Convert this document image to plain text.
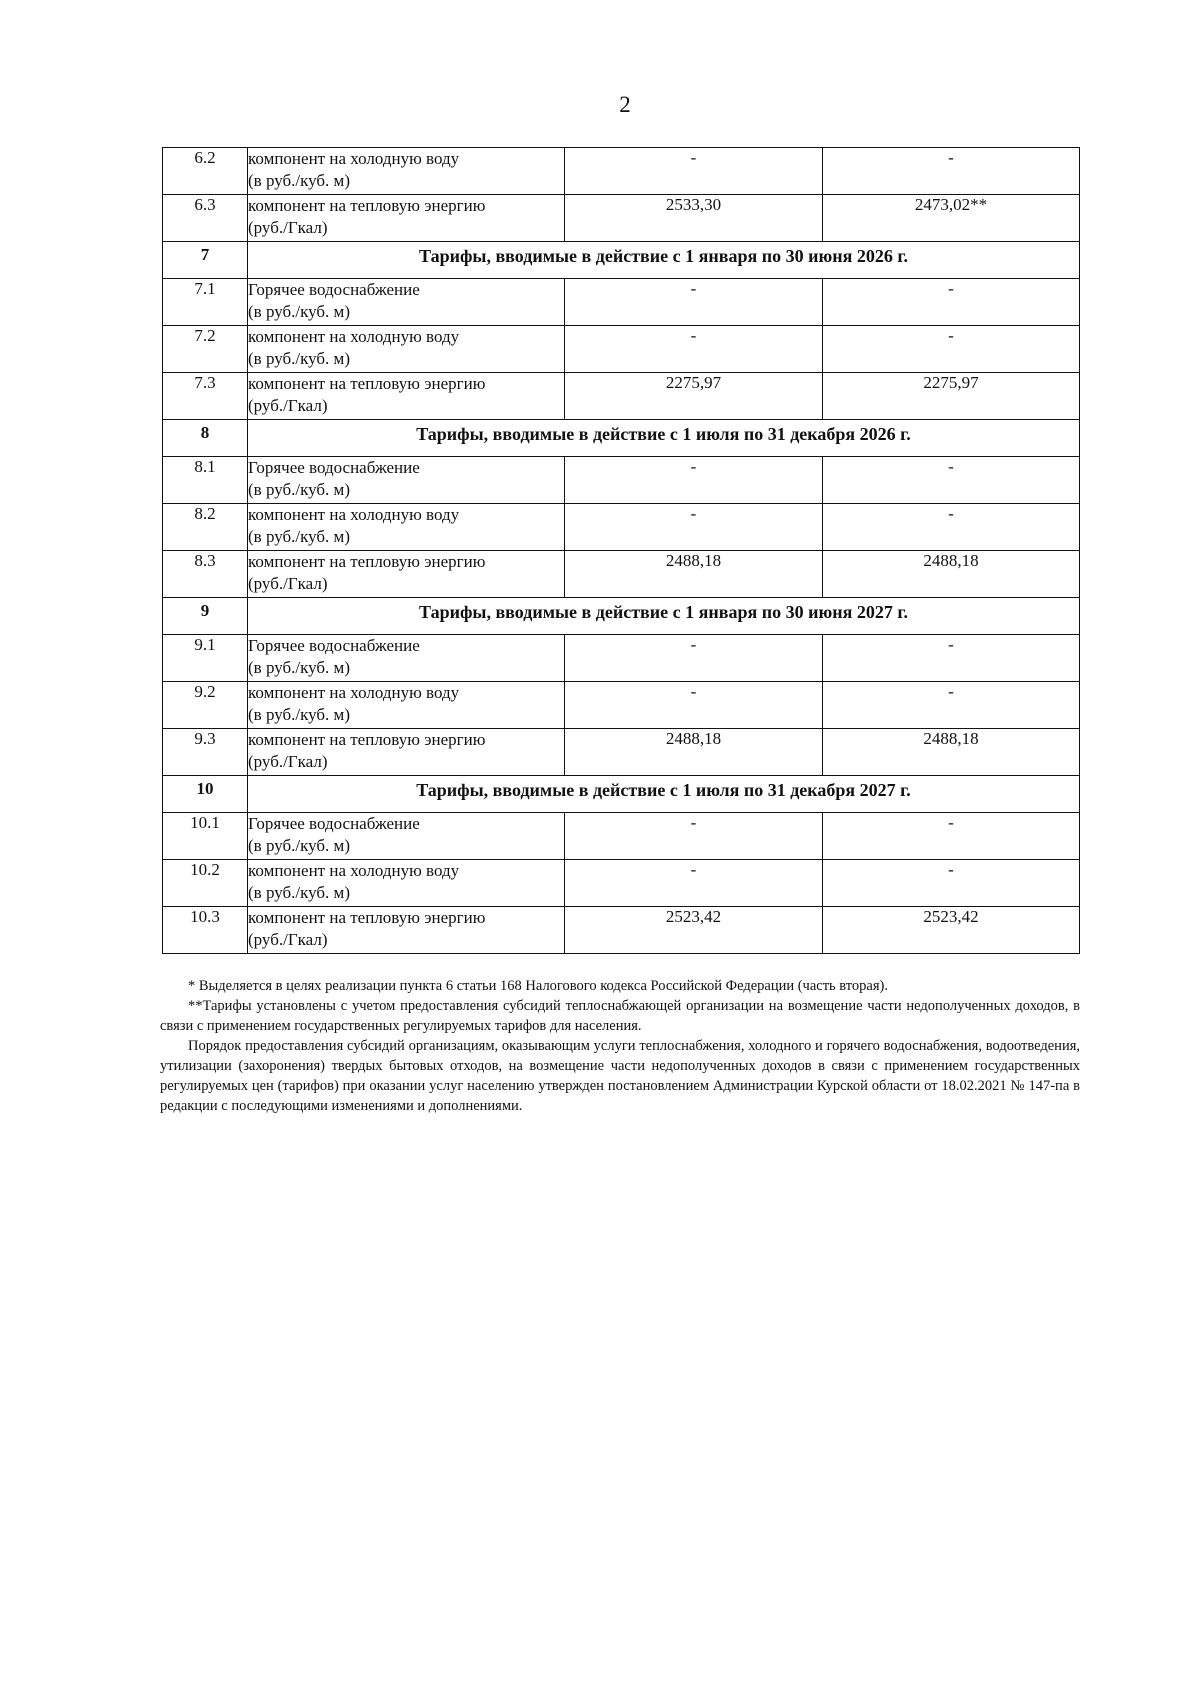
2
6.2	компонент на холодную воду
(в руб./куб. м)	-	-
6.3	компонент на тепловую энергию
(руб./Гкал)	2533,30	2473,02**
7	Тарифы, вводимые в действие с 1 января по 30 июня 2026 г.		
7.1	Горячее водоснабжение
(в руб./куб. м)	-	-
7.2	компонент на холодную воду
(в руб./куб. м)	-	-
7.3	компонент на тепловую энергию
(руб./Гкал)	2275,97	2275,97
8	Тарифы, вводимые в действие с 1 июля по 31 декабря 2026 г.		
8.1	Горячее водоснабжение
(в руб./куб. м)	-	-
8.2	компонент на холодную воду
(в руб./куб. м)	-	-
8.3	компонент на тепловую энергию
(руб./Гкал)	2488,18	2488,18
9	Тарифы, вводимые в действие с 1 января по 30 июня 2027 г.		
9.1	Горячее водоснабжение
(в руб./куб. м)	-	-
9.2	компонент на холодную воду
(в руб./куб. м)	-	-
9.3	компонент на тепловую энергию
(руб./Гкал)	2488,18	2488,18
10	Тарифы, вводимые в действие с 1 июля по 31 декабря 2027 г.		
10.1	Горячее водоснабжение
(в руб./куб. м)	-	-
10.2	компонент на холодную воду
(в руб./куб. м)	-	-
10.3	компонент на тепловую энергию
(руб./Гкал)	2523,42	2523,42

* Выделяется в целях реализации пункта 6 статьи 168 Налогового кодекса Российской Федерации (часть вторая).

**Тарифы установлены с учетом предоставления субсидий теплоснабжающей организации на возмещение части недополученных доходов, в связи с применением государственных регулируемых тарифов для населения.

Порядок предоставления субсидий организациям, оказывающим услуги теплоснабжения, холодного и горячего водоснабжения, водоотведения, утилизации (захоронения) твердых бытовых отходов, на возмещение части недополученных доходов в связи с применением государственных регулируемых цен (тарифов) при оказании услуг населению утвержден постановлением Администрации Курской области от 18.02.2021 № 147-па в редакции с последующими изменениями и дополнениями.
